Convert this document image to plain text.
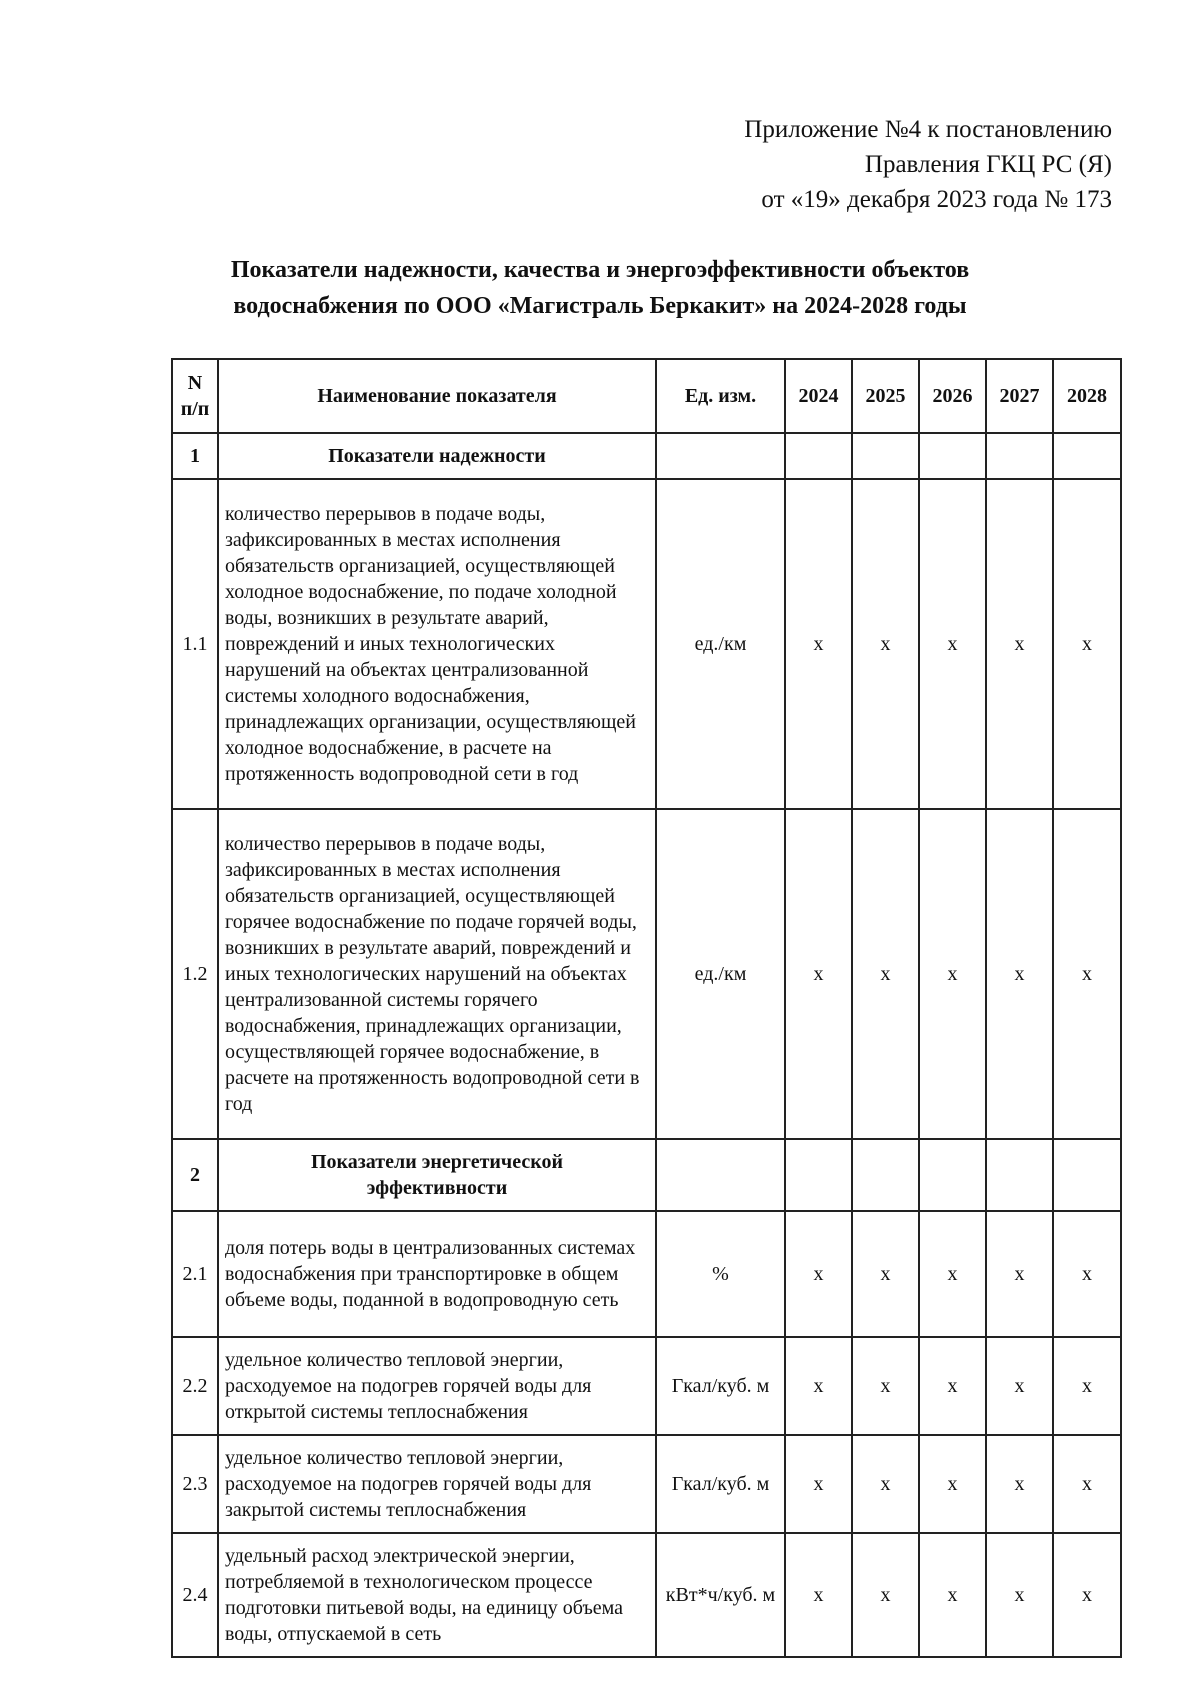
Приложение №4 к постановлению
Правления ГКЦ РС (Я)
от «19» декабря 2023 года № 173
Показатели надежности, качества и энергоэффективности объектов
водоснабжения по ООО «Магистраль Беркакит» на 2024-2028 годы
N
п/п	Наименование показателя	Ед. изм.	2024	2025	2026	2027	2028
1	Показатели надежности						
1.1	количество перерывов в подаче воды, зафиксированных в местах исполнения обязательств организацией, осуществляющей холодное водоснабжение, по подаче холодной воды, возникших в результате аварий, повреждений и иных технологических нарушений на объектах централизованной системы холодного водоснабжения, принадлежащих организации, осуществляющей холодное водоснабжение, в расчете на протяженность водопроводной сети в год	ед./км	х	х	х	х	х
1.2	количество перерывов в подаче воды, зафиксированных в местах исполнения обязательств организацией, осуществляющей горячее водоснабжение по подаче горячей воды, возникших в результате аварий, повреждений и иных технологических нарушений на объектах централизованной системы горячего водоснабжения, принадлежащих организации, осуществляющей горячее водоснабжение, в расчете на протяженность водопроводной сети в год	ед./км	х	х	х	х	х
2	Показатели энергетической эффективности						
2.1	доля потерь воды в централизованных системах водоснабжения при транспортировке в общем объеме воды, поданной в водопроводную сеть	%	х	х	х	х	х
2.2	удельное количество тепловой энергии, расходуемое на подогрев горячей воды для открытой системы теплоснабжения	Гкал/куб. м	х	х	х	х	х
2.3	удельное количество тепловой энергии, расходуемое на подогрев горячей воды для закрытой системы теплоснабжения	Гкал/куб. м	х	х	х	х	х
2.4	удельный расход электрической энергии, потребляемой в технологическом процессе подготовки питьевой воды, на единицу объема воды, отпускаемой в сеть	кВт*ч/куб. м	х	х	х	х	х
